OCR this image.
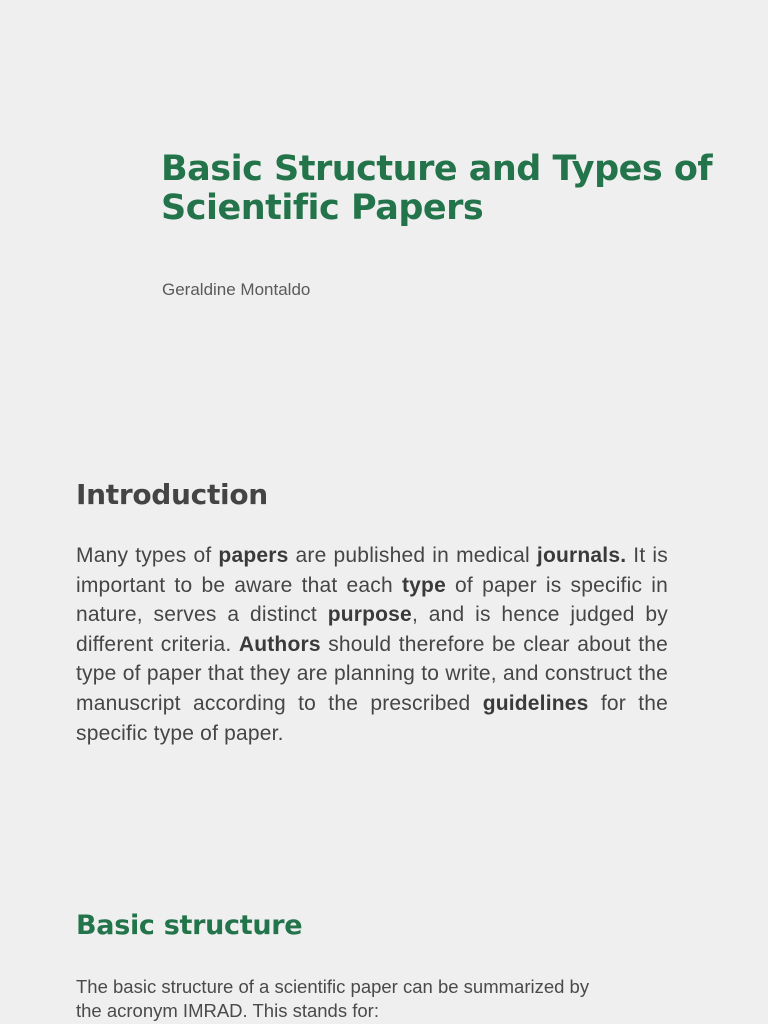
Basic Structure and Types of Scientific Papers

Geraldine Montaldo

Introduction

Many types of papers are published in medical journals. It is important to be aware that each type of paper is specific in nature, serves a distinct purpose, and is hence judged by different criteria. Authors should therefore be clear about the type of paper that they are planning to write, and construct the manuscript according to the prescribed guidelines for the specific type of paper.

Basic structure

The basic structure of a scientific paper can be summarized by
the acronym IMRAD. This stands for:
